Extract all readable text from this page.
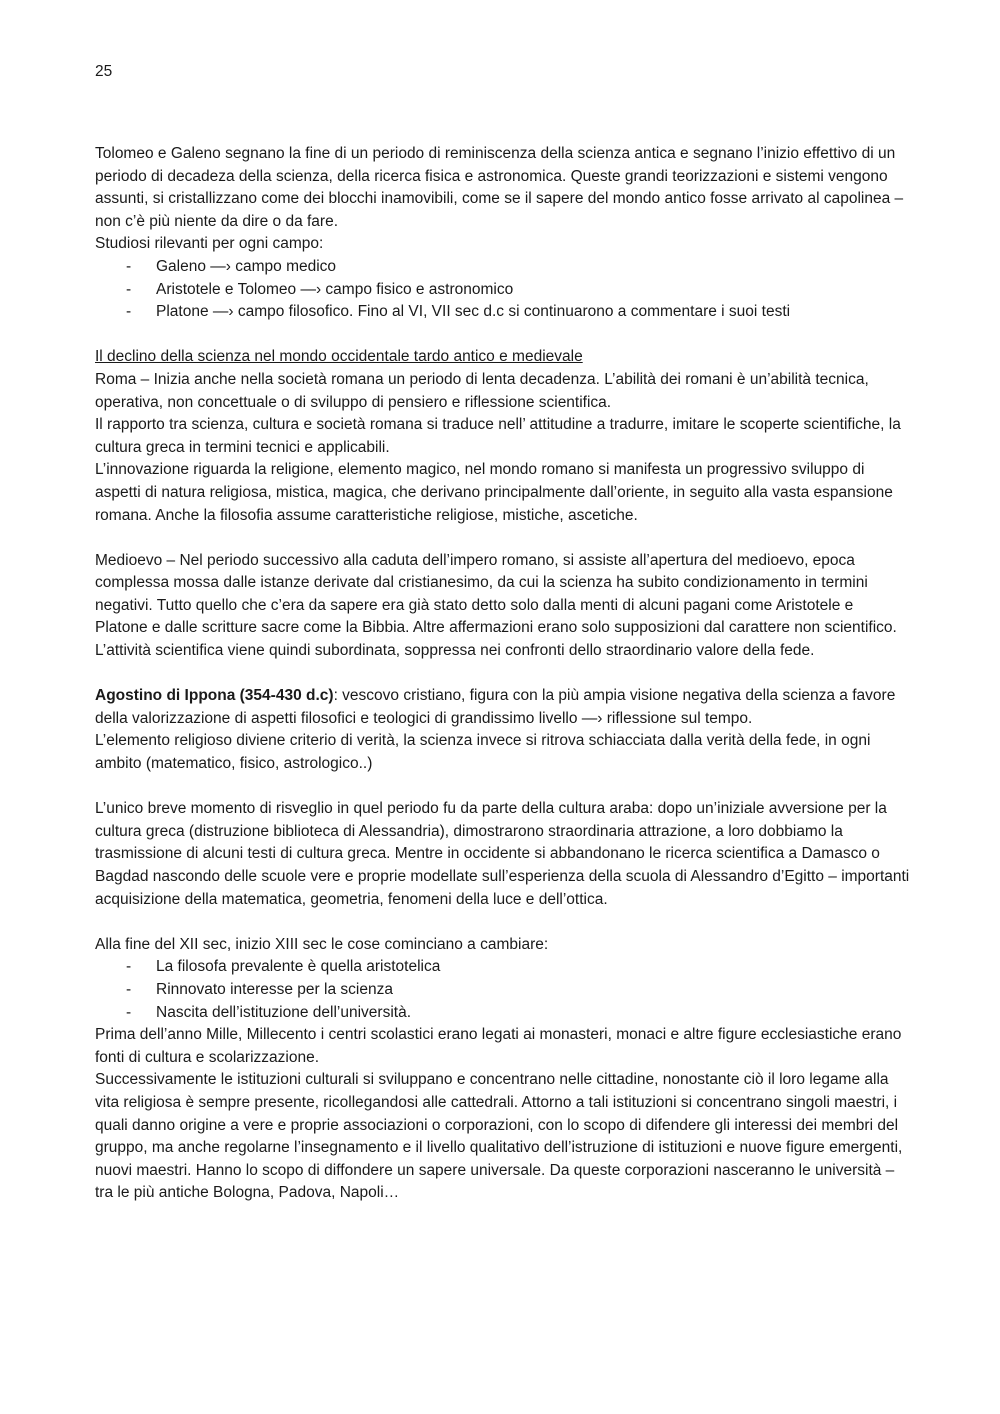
25

Tolomeo e Galeno segnano la fine di un periodo di reminiscenza della scienza antica e segnano l’inizio effettivo di un periodo di decadeza della scienza, della ricerca fisica e astronomica. Queste grandi teorizzazioni e sistemi vengono assunti, si cristallizzano come dei blocchi inamovibili, come se il sapere del mondo antico fosse arrivato al capolinea – non c’è più niente da dire o da fare.

Studiosi rilevanti per ogni campo:

- Galeno —› campo medico
- Aristotele e Tolomeo —› campo fisico e astronomico
- Platone —› campo filosofico. Fino al VI, VII sec d.c si continuarono a commentare i suoi testi

Il declino della scienza nel mondo occidentale tardo antico e medievale

Roma – Inizia anche nella società romana un periodo di lenta decadenza. L’abilità dei romani è un’abilità tecnica, operativa, non concettuale o di sviluppo di pensiero e riflessione scientifica.

Il rapporto tra scienza, cultura e società romana si traduce nell’ attitudine a tradurre, imitare le scoperte scientifiche, la cultura greca in termini tecnici e applicabili.

L’innovazione riguarda la religione, elemento magico, nel mondo romano si manifesta un progressivo sviluppo di aspetti di natura religiosa, mistica, magica, che derivano principalmente dall’oriente, in seguito alla vasta espansione romana. Anche la filosofia assume caratteristiche religiose, mistiche, ascetiche.

Medioevo – Nel periodo successivo alla caduta dell’impero romano, si assiste all’apertura del medioevo, epoca complessa mossa dalle istanze derivate dal cristianesimo, da cui la scienza ha subito condizionamento in termini negativi. Tutto quello che c’era da sapere era già stato detto solo dalla menti di alcuni pagani come Aristotele e Platone e dalle scritture sacre come la Bibbia. Altre affermazioni erano solo supposizioni dal carattere non scientifico. L’attività scientifica viene quindi subordinata, soppressa nei confronti dello straordinario valore della fede.

Agostino di Ippona (354-430 d.c): vescovo cristiano, figura con la più ampia visione negativa della scienza a favore della valorizzazione di aspetti filosofici e teologici di grandissimo livello —› riflessione sul tempo.

L’elemento religioso diviene criterio di verità, la scienza invece si ritrova schiacciata dalla verità della fede, in ogni ambito (matematico, fisico, astrologico..)

L’unico breve momento di risveglio in quel periodo fu da parte della cultura araba: dopo un’iniziale avversione per la cultura greca (distruzione biblioteca di Alessandria), dimostrarono straordinaria attrazione, a loro dobbiamo la trasmissione di alcuni testi di cultura greca. Mentre in occidente si abbandonano le ricerca scientifica a Damasco o Bagdad nascondo delle scuole vere e proprie modellate sull’esperienza della scuola di Alessandro d’Egitto – importanti acquisizione della matematica, geometria, fenomeni della luce e dell’ottica.

Alla fine del XII sec, inizio XIII sec le cose cominciano a cambiare:

- La filosofa prevalente è quella aristotelica
- Rinnovato interesse per la scienza
- Nascita dell’istituzione dell’università.

Prima dell’anno Mille, Millecento i centri scolastici erano legati ai monasteri, monaci e altre figure ecclesiastiche erano fonti di cultura e scolarizzazione.

Successivamente le istituzioni culturali si sviluppano e concentrano nelle cittadine, nonostante ciò il loro legame alla vita religiosa è sempre presente, ricollegandosi alle cattedrali. Attorno a tali istituzioni si concentrano singoli maestri, i quali danno origine a vere e proprie associazioni o corporazioni, con lo scopo di difendere gli interessi dei membri del gruppo, ma anche regolarne l’insegnamento e il livello qualitativo dell’istruzione di istituzioni e nuove figure emergenti, nuovi maestri. Hanno lo scopo di diffondere un sapere universale. Da queste corporazioni nasceranno le università – tra le più antiche Bologna, Padova, Napoli…
